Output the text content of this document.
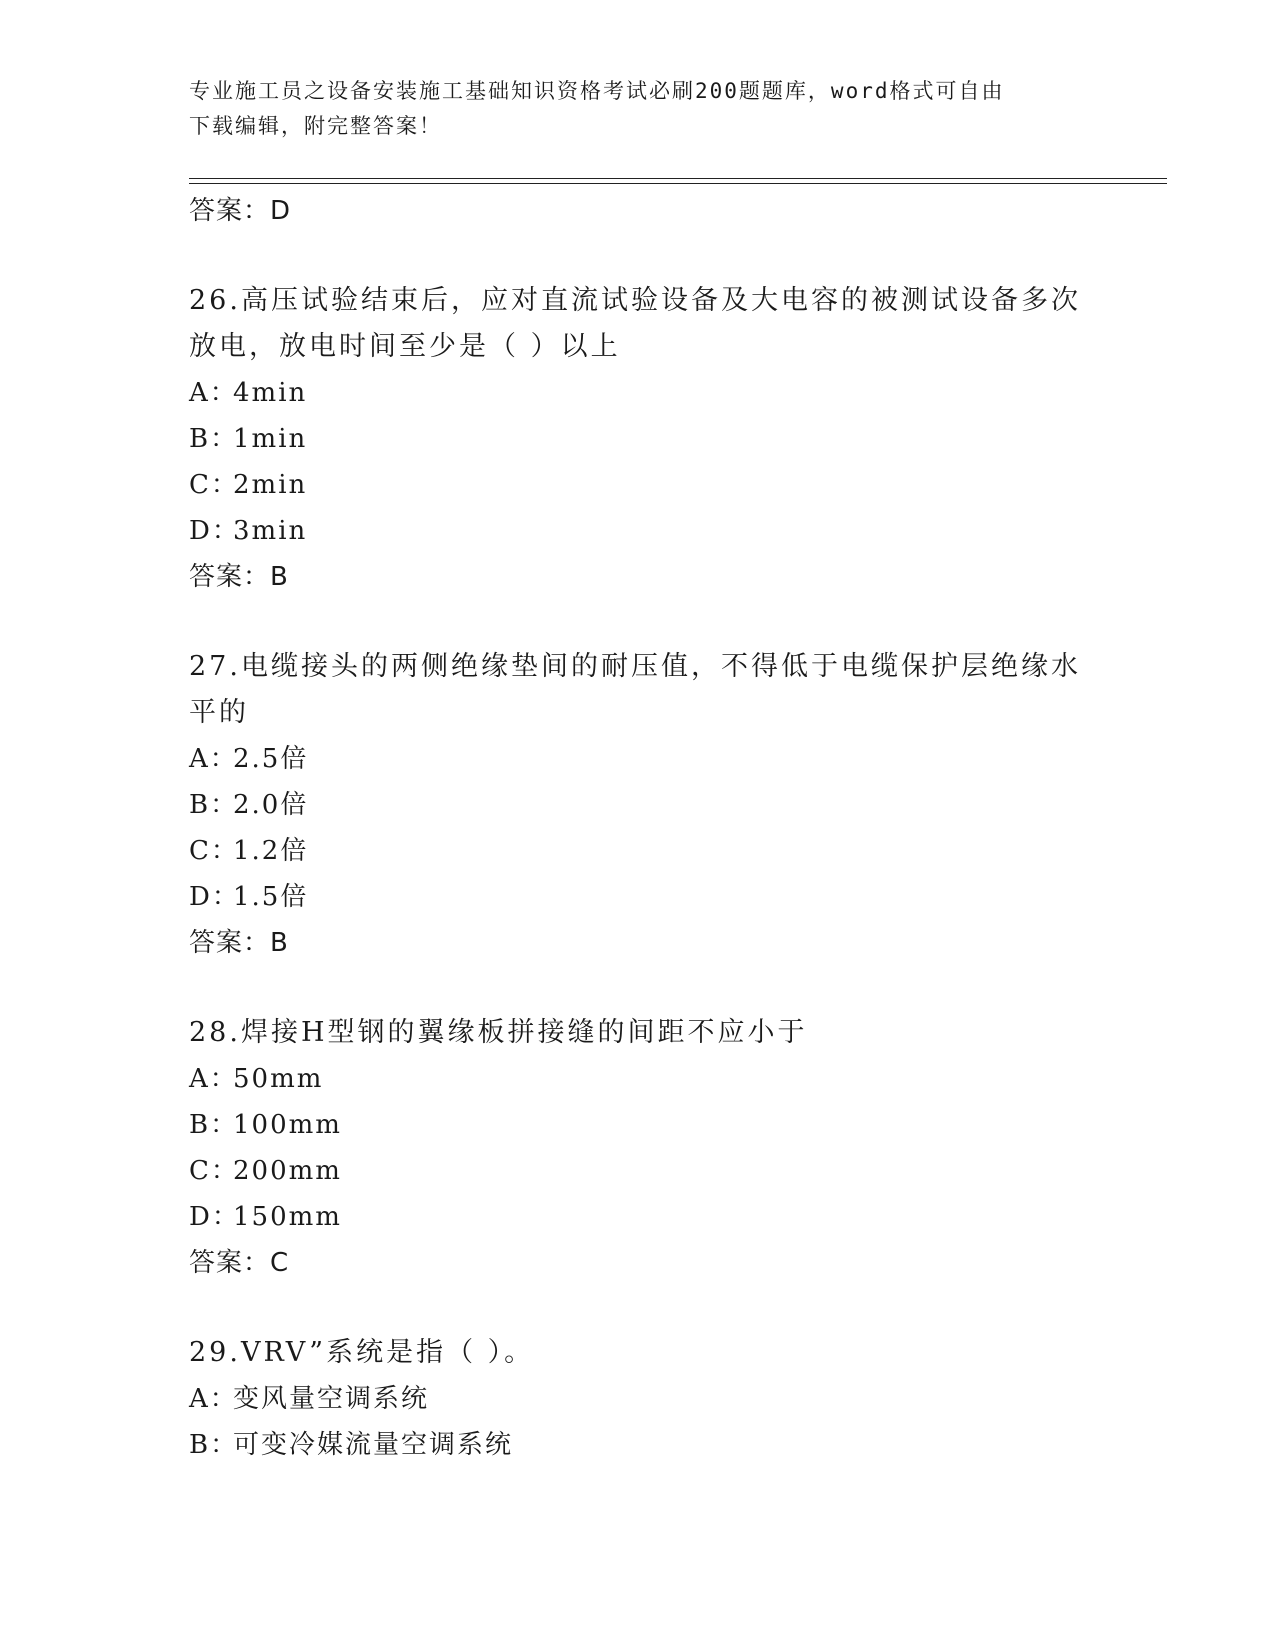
专业施工员之设备安装施工基础知识资格考试必刷200题题库，word格式可自由
下载编辑，附完整答案！
答案： D
26.高压试验结束后，应对直流试验设备及大电容的被测试设备多次放电，放电时间至少是（ ）以上
A：
4min
B：
1min
C：
2min
D：
3min
答案： B
27.电缆接头的两侧绝缘垫间的耐压值，不得低于电缆保护层绝缘水平的
A：
2.5倍
B：
2.0倍
C：
1.2倍
D：
1.5倍
答案： B
28.焊接H型钢的翼缘板拼接缝的间距不应小于
A：
50mm
B：
100mm
C：
200mm
D：
150mm
答案： C
29.VRV”系统是指（ ）。
A：
变风量空调系统
B：
可变冷媒流量空调系统
